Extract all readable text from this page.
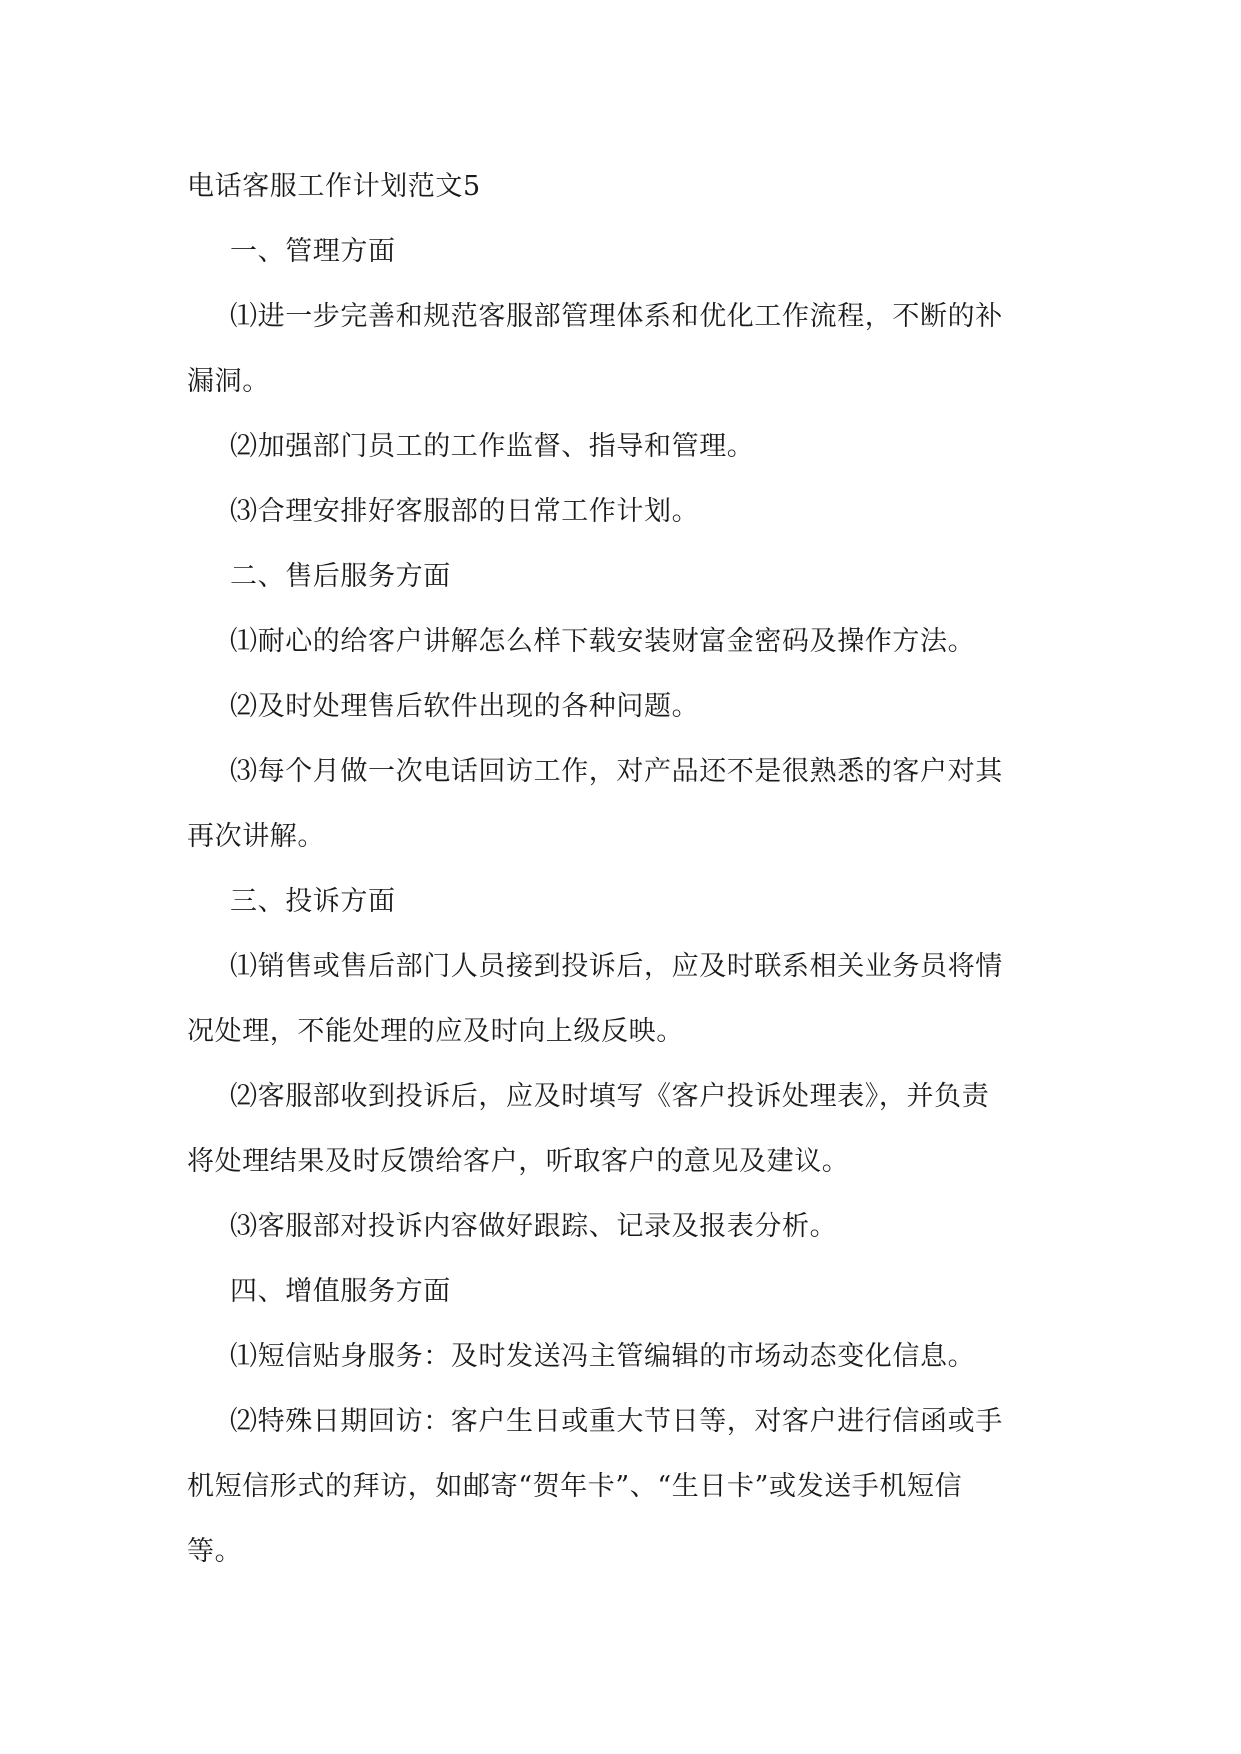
电话客服工作计划范文5
一、管理方面
⑴进一步完善和规范客服部管理体系和优化工作流程，不断的补
漏洞。
⑵加强部门员工的工作监督、指导和管理。
⑶合理安排好客服部的日常工作计划。
二、售后服务方面
⑴耐心的给客户讲解怎么样下载安装财富金密码及操作方法。
⑵及时处理售后软件出现的各种问题。
⑶每个月做一次电话回访工作，对产品还不是很熟悉的客户对其
再次讲解。
三、投诉方面
⑴销售或售后部门人员接到投诉后，应及时联系相关业务员将情
况处理，不能处理的应及时向上级反映。
⑵客服部收到投诉后，应及时填写《客户投诉处理表》，并负责
将处理结果及时反馈给客户，听取客户的意见及建议。
⑶客服部对投诉内容做好跟踪、记录及报表分析。
四、增值服务方面
⑴短信贴身服务：及时发送冯主管编辑的市场动态变化信息。
⑵特殊日期回访：客户生日或重大节日等，对客户进行信函或手
机短信形式的拜访，如邮寄“贺年卡”、“生日卡”或发送手机短信
等。
